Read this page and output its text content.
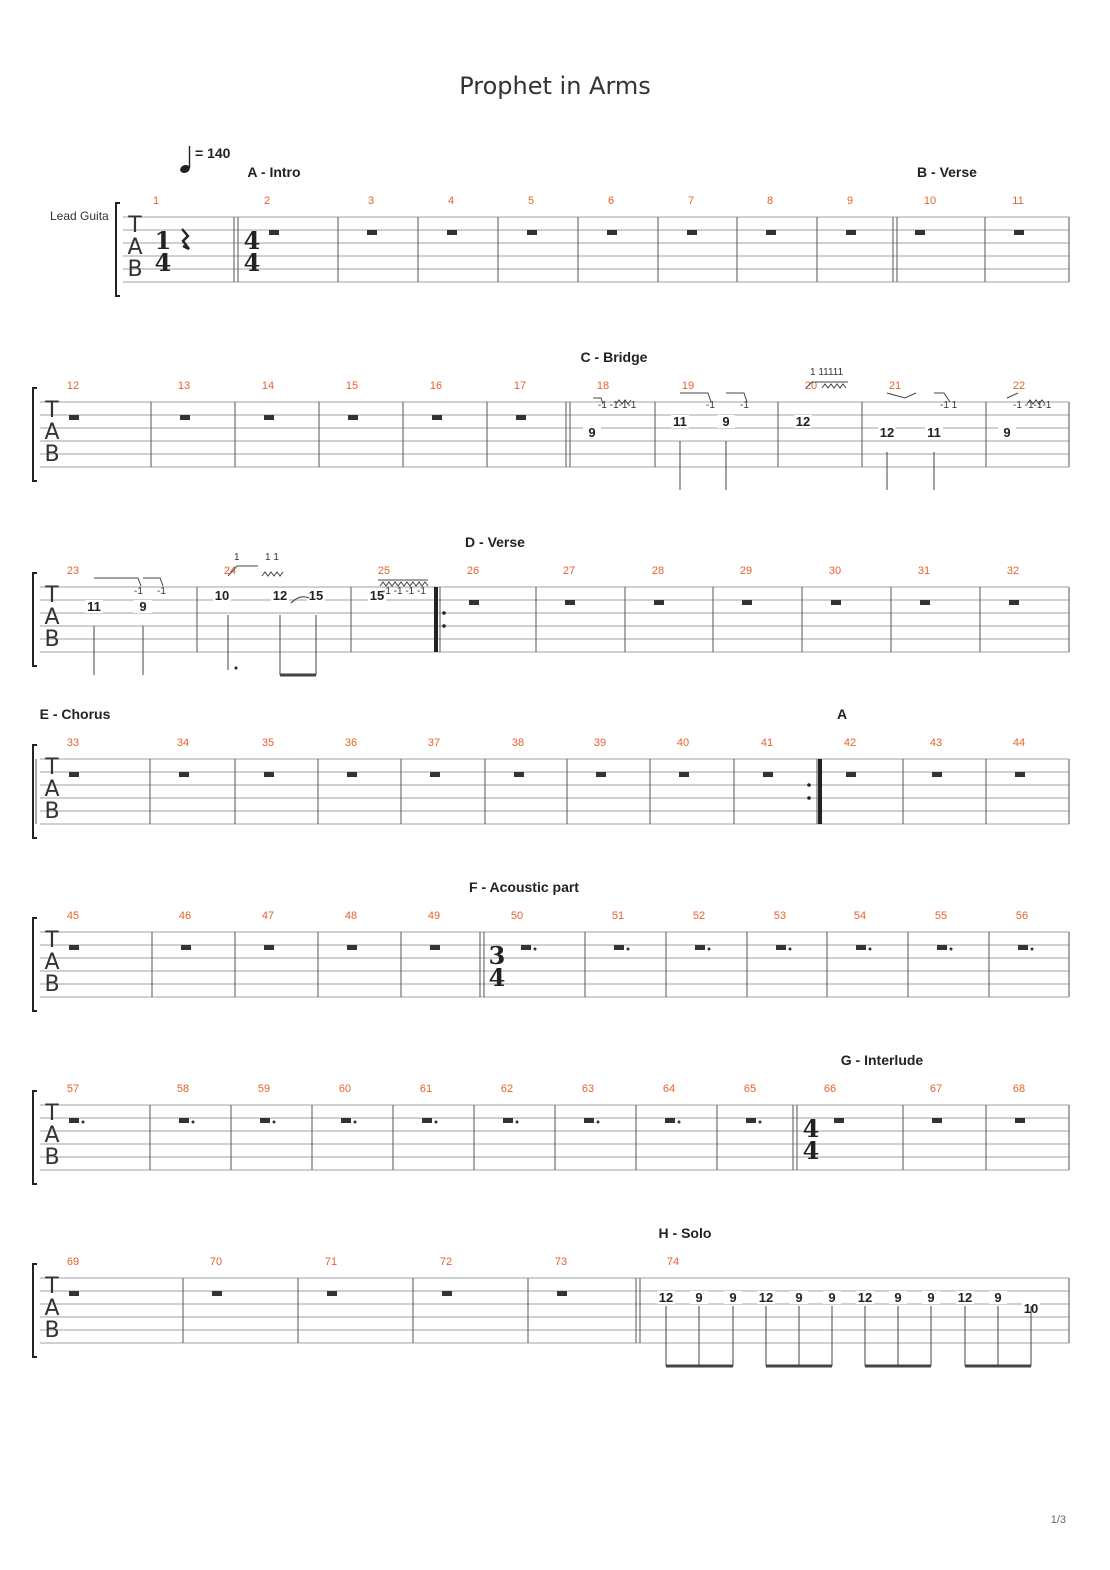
Prophet in Arms
T
A
B
1	2	3	4	5	6	7	8	9	10	11
T
A
B
12	13	14	15	16	17	18	19	20	21	22
T
A
B
23	24	25	26	27	28	29	30	31	32
T
A
B
33	34	35	36	37	38	39	40	41	42	43	44
T
A
B
45	46	47	48	49	50	51	52	53	54	55	56
T
A
B
57	58	59	60	61	62	63	64	65	66	67	68
T
A
B
69	70	71	72	73	74
A - Intro	B - Verse
C - Bridge
D - Verse
E - Chorus	A
F - Acoustic part
G - Interlude
H - Solo
Lead Guita
= 140
1
4
4
4
3
4
4
4
9
11	9	12
12	11	9
11	9
10	12 15	15
12 9 9 12 9 9 12 9 9 12 9
10
-1 -1-1-1	-1	-1
1 11111
-1 1	-1 -1-1-1
-1 -1
1	1 1
-1 -1 -1 -1
1/3
